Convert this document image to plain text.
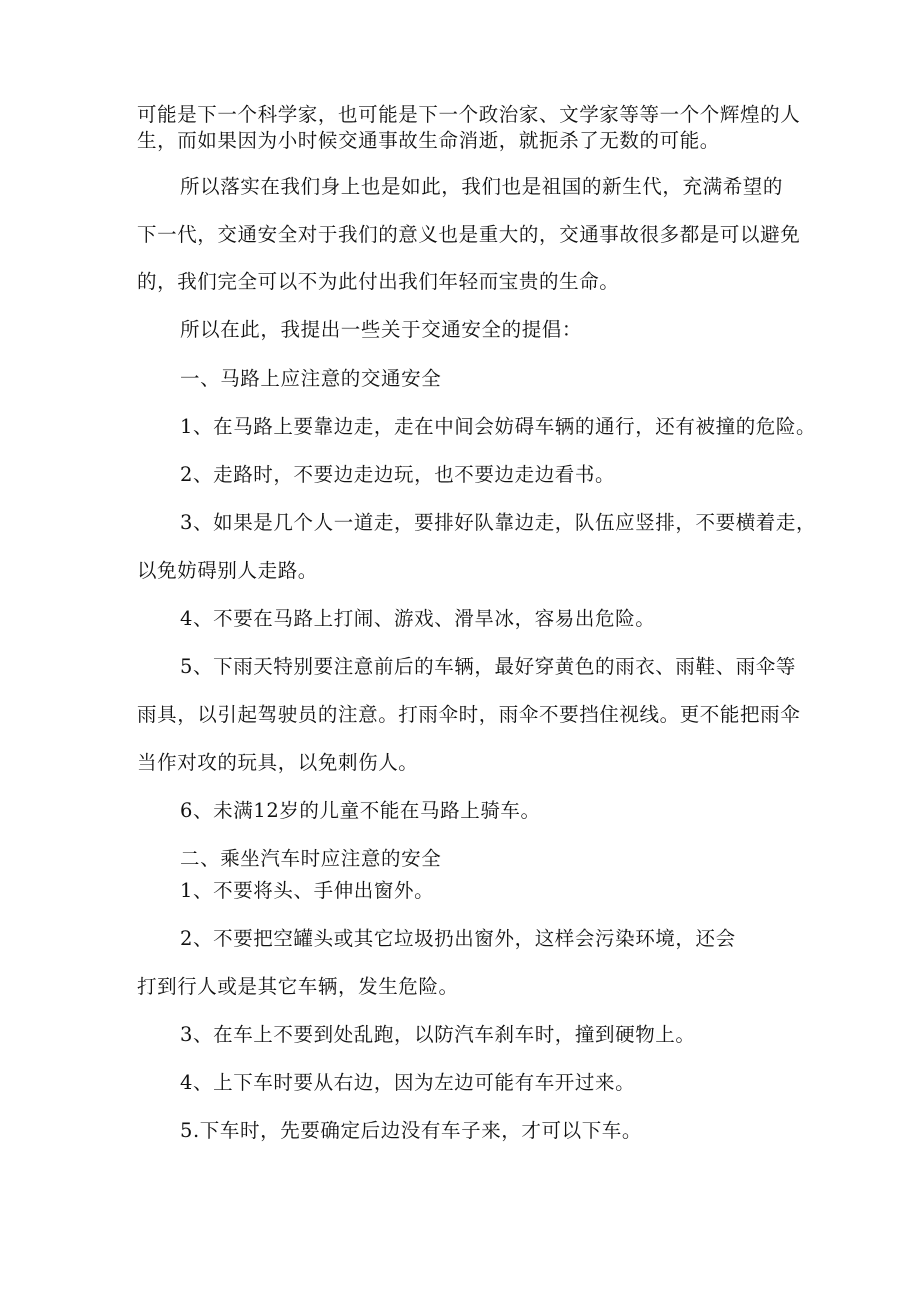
可能是下一个科学家，也可能是下一个政治家、文学家等等一个个辉煌的人

生，而如果因为小时候交通事故生命消逝，就扼杀了无数的可能。

所以落实在我们身上也是如此，我们也是祖国的新生代，充满希望的

下一代，交通安全对于我们的意义也是重大的，交通事故很多都是可以避免

的，我们完全可以不为此付出我们年轻而宝贵的生命。

所以在此，我提出一些关于交通安全的提倡：

一、马路上应注意的交通安全

1、在马路上要靠边走，走在中间会妨碍车辆的通行，还有被撞的危险。

2、走路时，不要边走边玩，也不要边走边看书。

3、如果是几个人一道走，要排好队靠边走，队伍应竖排，不要横着走，

以免妨碍别人走路。

4、不要在马路上打闹、游戏、滑旱冰，容易出危险。

5、下雨天特别要注意前后的车辆，最好穿黄色的雨衣、雨鞋、雨伞等

雨具，以引起驾驶员的注意。打雨伞时，雨伞不要挡住视线。更不能把雨伞

当作对攻的玩具，以免刺伤人。

6、未满12岁的儿童不能在马路上骑车。

二、乘坐汽车时应注意的安全

1、不要将头、手伸出窗外。

2、不要把空罐头或其它垃圾扔出窗外，这样会污染环境，还会

打到行人或是其它车辆，发生危险。

3、在车上不要到处乱跑，以防汽车刹车时，撞到硬物上。

4、上下车时要从右边，因为左边可能有车开过来。

5.下车时，先要确定后边没有车子来，才可以下车。
